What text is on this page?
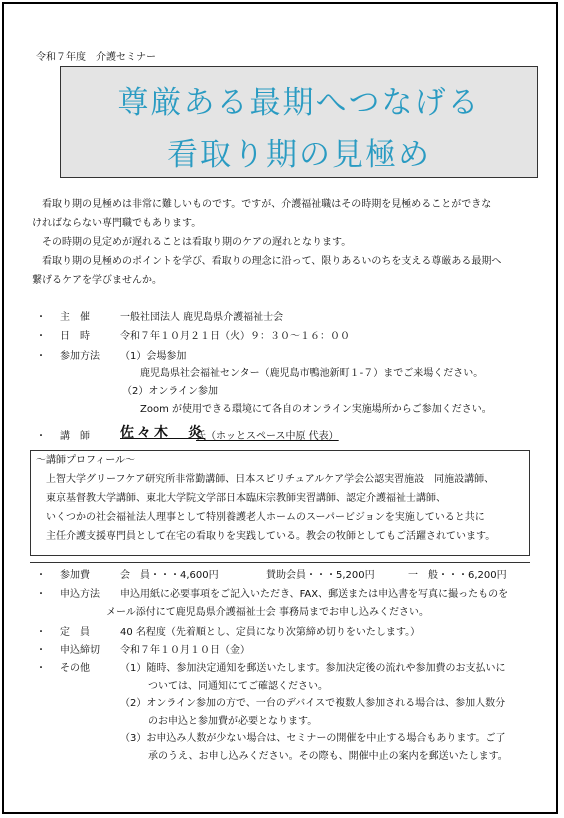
令和７年度　介護セミナー
尊厳ある最期へつなげる
看取り期の見極め
　看取り期の見極めは非常に難しいものです。ですが、介護福祉職はその時期を見極めることができな
ければならない専門職でもあります。
　その時期の見定めが遅れることは看取り期のケアの遅れとなります。
　看取り期の見極めのポイントを学び、看取りの理念に沿って、限りあるいのちを支える尊厳ある最期へ
繋げるケアを学びませんか。
・ 主　催	一般社団法人 鹿児島県介護福祉士会
・ 日　時	令和７年１０月２１日（火）９：３０～１６：００
・ 参加方法 （1）会場参加
鹿児島県社会福祉センター（鹿児島市鴨池新町１-７）までご来場ください。
（2）オンライン参加
Zoom が使用できる環境にて各自のオンライン実施場所からご参加ください。
・ 講　師 佐々木　炎
氏（ホッとスペース中原 代表）
～講師プロフィール～
上智大学グリーフケア研究所非常勤講師、日本スピリチュアルケア学会公認実習施設　同施設講師、
東京基督教大学講師、東北大学院文学部日本臨床宗教師実習講師、認定介護福祉士講師、
いくつかの社会福祉法人理事として特別養護老人ホームのスーパービジョンを実施していると共に
主任介護支援専門員として在宅の看取りを実践している。教会の牧師としてもご活躍されています。
・ 参加費	会　員・・・4,600円	賛助会員・・・5,200円	一　般・・・6,200円
・ 申込方法 申込用紙に必要事項をご記入いただき、FAX、郵送または申込書を写真に撮ったものを
メール添付にて鹿児島県介護福祉士会 事務局までお申し込みください。
・ 定　員	40 名程度（先着順とし、定員になり次第締め切りをいたします。）
・ 申込締切 令和７年１０月１０日（金）
・ その他	（1）随時、参加決定通知を郵送いたします。参加決定後の流れや参加費のお支払いに
ついては、同通知にてご確認ください。
（2）オンライン参加の方で、一台のデバイスで複数人参加される場合は、参加人数分
のお申込と参加費が必要となります。
（3）お申込み人数が少ない場合は、セミナーの開催を中止する場合もあります。ご了
承のうえ、お申し込みください。その際も、開催中止の案内を郵送いたします。
